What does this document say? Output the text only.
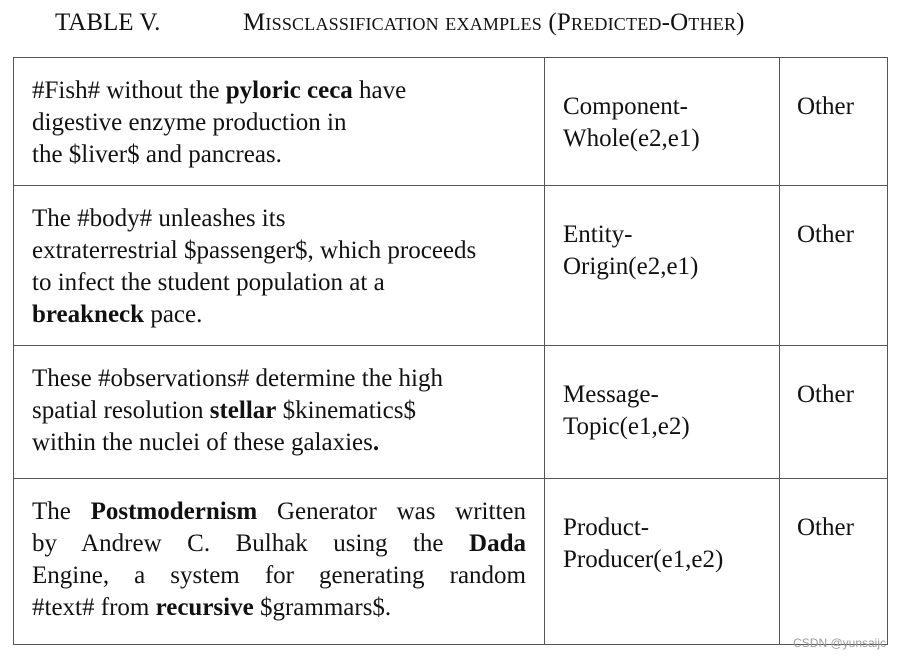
TABLE V.	Missclassification examples (Predicted-Other)
#Fish# without the pyloric ceca have
digestive enzyme production in
the $liver$ and pancreas.	Component-
Whole(e2,e1)	Other

The #body# unleashes its
extraterrestrial $passenger$, which proceeds
to infect the student population at a
breakneck pace.	Entity-
Origin(e2,e1)	Other

These #observations# determine the high
spatial resolution stellar $kinematics$
within the nuclei of these galaxies.	Message-
Topic(e1,e2)	Other

The Postmodernism Generator was written
by Andrew C. Bulhak using the Dada
Engine, a system for generating random
#text# from recursive $grammars$.	Product-
Producer(e1,e2)	Other
CSDN @yunsaijc
